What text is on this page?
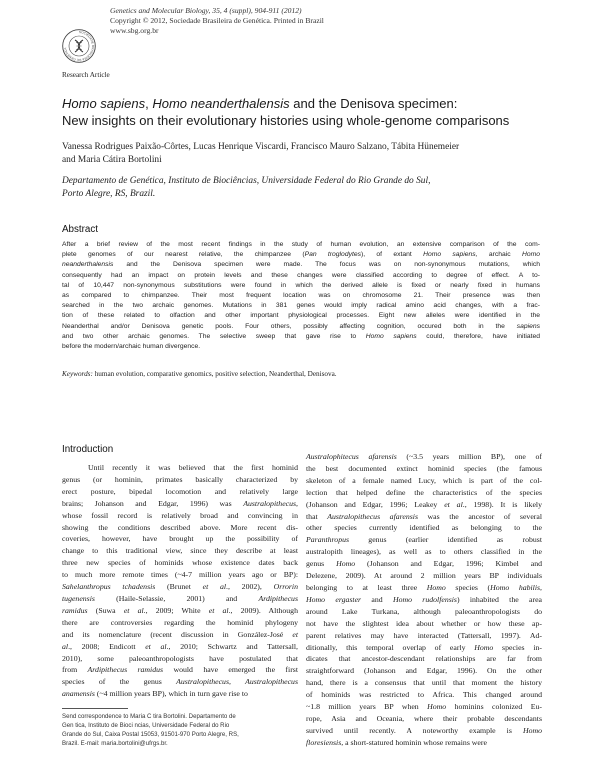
SOCIEDADE BRASILEIRA DE GENÉTICA
Genetics and Molecular Biology, 35, 4 (suppl), 904-911 (2012)
Copyright © 2012, Sociedade Brasileira de Genética. Printed in Brazil
www.sbg.org.br
Research Article
Homo sapiens, Homo neanderthalensis and the Denisova specimen:
New insights on their evolutionary histories using whole-genome comparisons
Vanessa Rodrigues Paixão-Côrtes, Lucas Henrique Viscardi, Francisco Mauro Salzano, Tábita Hünemeier
and Maria Cátira Bortolini
Departamento de Genética, Instituto de Biociências, Universidade Federal do Rio Grande do Sul,
Porto Alegre, RS, Brazil.
Abstract
After a brief review of the most recent findings in the study of human evolution, an extensive comparison of the com-
plete genomes of our nearest relative, the chimpanzee (Pan troglodytes), of extant Homo sapiens, archaic Homo
neanderthalensis and the Denisova specimen were made. The focus was on non-synonymous mutations, which
consequently had an impact on protein levels and these changes were classified according to degree of effect. A to-
tal of 10,447 non-synonymous substitutions were found in which the derived allele is fixed or nearly fixed in humans
as compared to chimpanzee. Their most frequent location was on chromosome 21. Their presence was then
searched in the two archaic genomes. Mutations in 381 genes would imply radical amino acid changes, with a frac-
tion of these related to olfaction and other important physiological processes. Eight new alleles were identified in the
Neanderthal and/or Denisova genetic pools. Four others, possibly affecting cognition, occured both in the sapiens
and two other archaic genomes. The selective sweep that gave rise to Homo sapiens could, therefore, have initiated
before the modern/archaic human divergence.
Keywords: human evolution, comparative genomics, positive selection, Neanderthal, Denisova.
Introduction
Until recently it was believed that the first hominid
genus (or hominin, primates basically characterized by
erect posture, bipedal locomotion and relatively large
brains; Johanson and Edgar, 1996) was Australopithecus,
whose fossil record is relatively broad and convincing in
showing the conditions described above. More recent dis-
coveries, however, have brought up the possibility of
change to this traditional view, since they describe at least
three new species of hominids whose existence dates back
to much more remote times (~4-7 million years ago or BP):
Sahelanthropus tchadensis (Brunet et al., 2002), Orrorin
tugenensis (Haile-Selassie, 2001) and Ardipithecus
ramidus (Suwa et al., 2009; White et al., 2009). Although
there are controversies regarding the hominid phylogeny
and its nomenclature (recent discussion in González-José et
al., 2008; Endicott et al., 2010; Schwartz and Tattersall,
2010), some paleoanthropologists have postulated that
from Ardipithecus ramidus would have emerged the first
species of the genus Australopithecus, Australopithecus
anamensis (~4 million years BP), which in turn gave rise to
Australophitecus afarensis (~3.5 years million BP), one of
the best documented extinct hominid species (the famous
skeleton of a female named Lucy, which is part of the col-
lection that helped define the characteristics of the species
(Johanson and Edgar, 1996; Leakey et al., 1998). It is likely
that Australopithecus afarensis was the ancestor of several
other species currently identified as belonging to the
Paranthropus genus (earlier identified as robust
australopith lineages), as well as to others classified in the
genus Homo (Johanson and Edgar, 1996; Kimbel and
Delezene, 2009). At around 2 million years BP individuals
belonging to at least three Homo species (Homo habilis,
Homo ergaster and Homo rudolfensis) inhabited the area
around Lake Turkana, although paleoanthropologists do
not have the slightest idea about whether or how these ap-
parent relatives may have interacted (Tattersall, 1997). Ad-
ditionally, this temporal overlap of early Homo species in-
dicates that ancestor-descendant relationships are far from
straightforward (Johanson and Edgar, 1996). On the other
hand, there is a consensus that until that moment the history
of hominids was restricted to Africa. This changed around
~1.8 million years BP when Homo hominins colonized Eu-
rope, Asia and Oceania, where their probable descendants
survived until recently. A noteworthy example is Homo
floresiensis, a short-statured hominin whose remains were
Send correspondence to Maria C tira Bortolini. Departamento de
Gen tica, Instituto de Bioci ncias, Universidade Federal do Rio
Grande do Sul, Caixa Postal 15053, 91501-970 Porto Alegre, RS,
Brazil. E-mail: maria.bortolini@ufrgs.br.
